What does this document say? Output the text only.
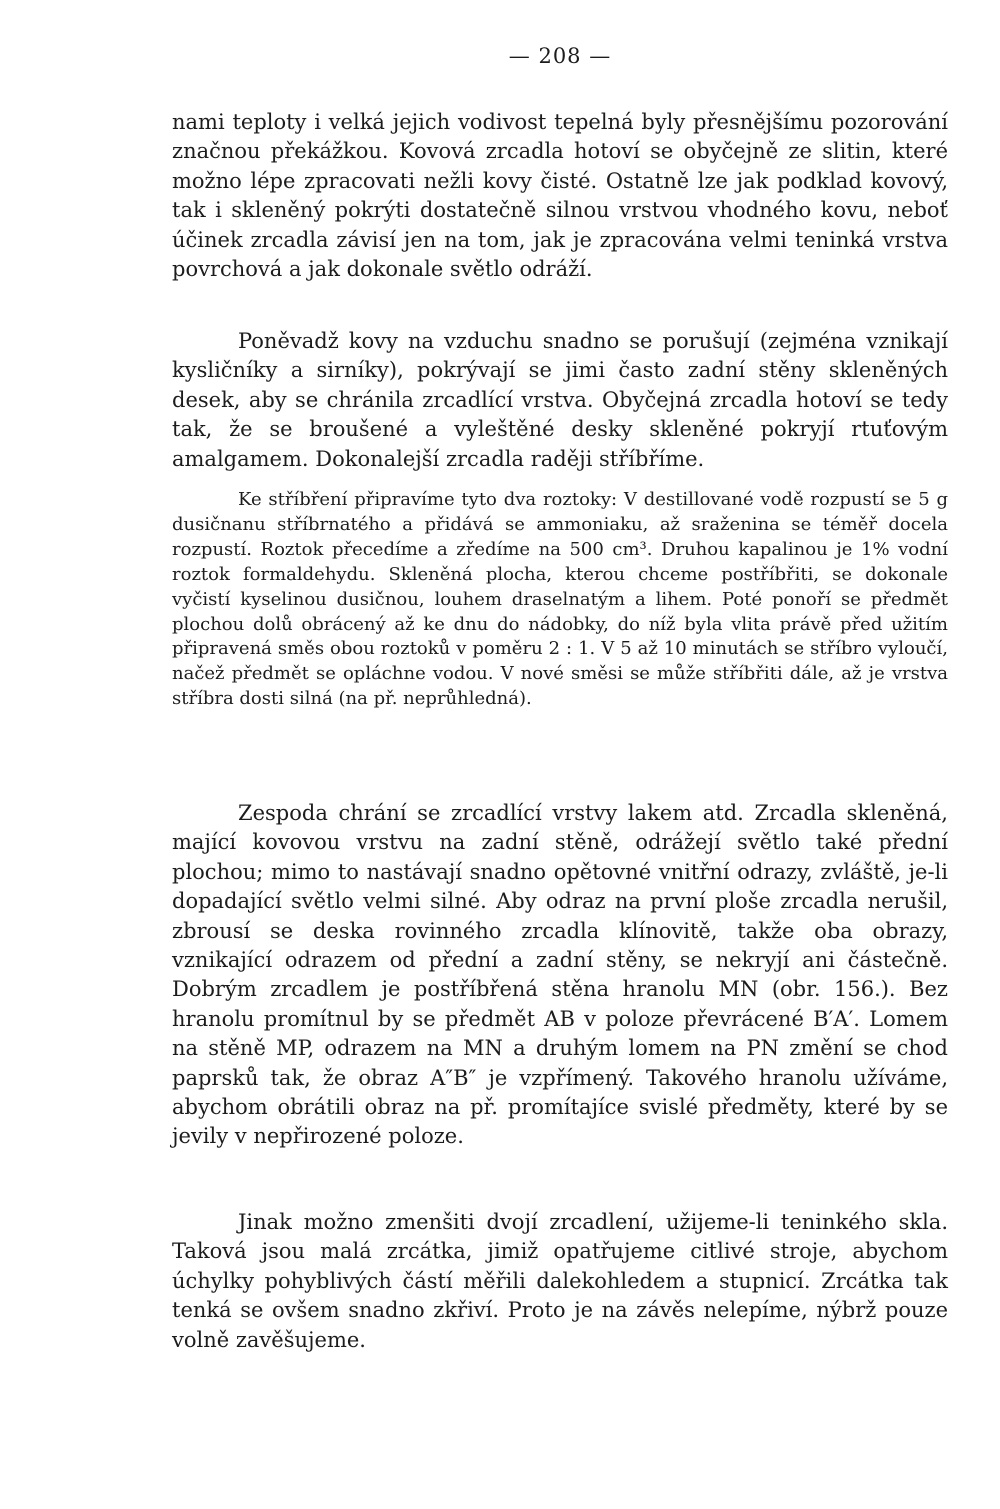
— 208 —

nami teploty i velká jejich vodivost tepelná byly přesnějšímu pozorování značnou překážkou. Kovová zrcadla hotoví se obyčejně ze slitin, které možno lépe zpracovati nežli kovy čisté. Ostatně lze jak podklad kovový, tak i skleněný pokrýti dostatečně silnou vrstvou vhodného kovu, neboť účinek zrcadla závisí jen na tom, jak je zpracována velmi teninká vrstva povrchová a jak dokonale světlo odráží.

Poněvadž kovy na vzduchu snadno se porušují (zejména vznikají kysličníky a sirníky), pokrývají se jimi často zadní stěny skleněných desek, aby se chránila zrcadlící vrstva. Obyčejná zrcadla hotoví se tedy tak, že se broušené a vyleštěné desky skleněné pokryjí rtuťovým amalgamem. Dokonalejší zrcadla raději stříbříme.

Ke stříbření připravíme tyto dva roztoky: V destillované vodě rozpustí se 5 g dusičnanu stříbrnatého a přidává se ammoniaku, až sraženina se téměř docela rozpustí. Roztok přecedíme a zředíme na 500 cm³. Druhou kapalinou je 1% vodní roztok formaldehydu. Skleněná plocha, kterou chceme postříbřiti, se dokonale vyčistí kyselinou dusičnou, louhem draselnatým a lihem. Poté ponoří se předmět plochou dolů obrácený až ke dnu do nádobky, do níž byla vlita právě před užitím připravená směs obou roztoků v poměru 2 : 1. V 5 až 10 minutách se stříbro vyloučí, načež předmět se opláchne vodou. V nové směsi se může stříbřiti dále, až je vrstva stříbra dosti silná (na př. neprůhledná).

Zespoda chrání se zrcadlící vrstvy lakem atd. Zrcadla skleněná, mající kovovou vrstvu na zadní stěně, odrážejí světlo také přední plochou; mimo to nastávají snadno opětovné vnitřní odrazy, zvláště, je-li dopadající světlo velmi silné. Aby odraz na první ploše zrcadla nerušil, zbrousí se deska rovinného zrcadla klínovitě, takže oba obrazy, vznikající odrazem od přední a zadní stěny, se nekryjí ani částečně. Dobrým zrcadlem je postříbřená stěna hranolu MN (obr. 156.). Bez hranolu promítnul by se předmět AB v poloze převrácené B′A′. Lomem na stěně MP, odrazem na MN a druhým lomem na PN změní se chod paprsků tak, že obraz A″B″ je vzpřímený. Takového hranolu užíváme, abychom obrátili obraz na př. promítajíce svislé předměty, které by se jevily v nepřirozené poloze.

Jinak možno zmenšiti dvojí zrcadlení, užijeme-li teninkého skla. Taková jsou malá zrcátka, jimiž opatřujeme citlivé stroje, abychom úchylky pohyblivých částí měřili dalekohledem a stupnicí. Zrcátka tak tenká se ovšem snadno zkřiví. Proto je na závěs nelepíme, nýbrž pouze volně zavěšujeme.
